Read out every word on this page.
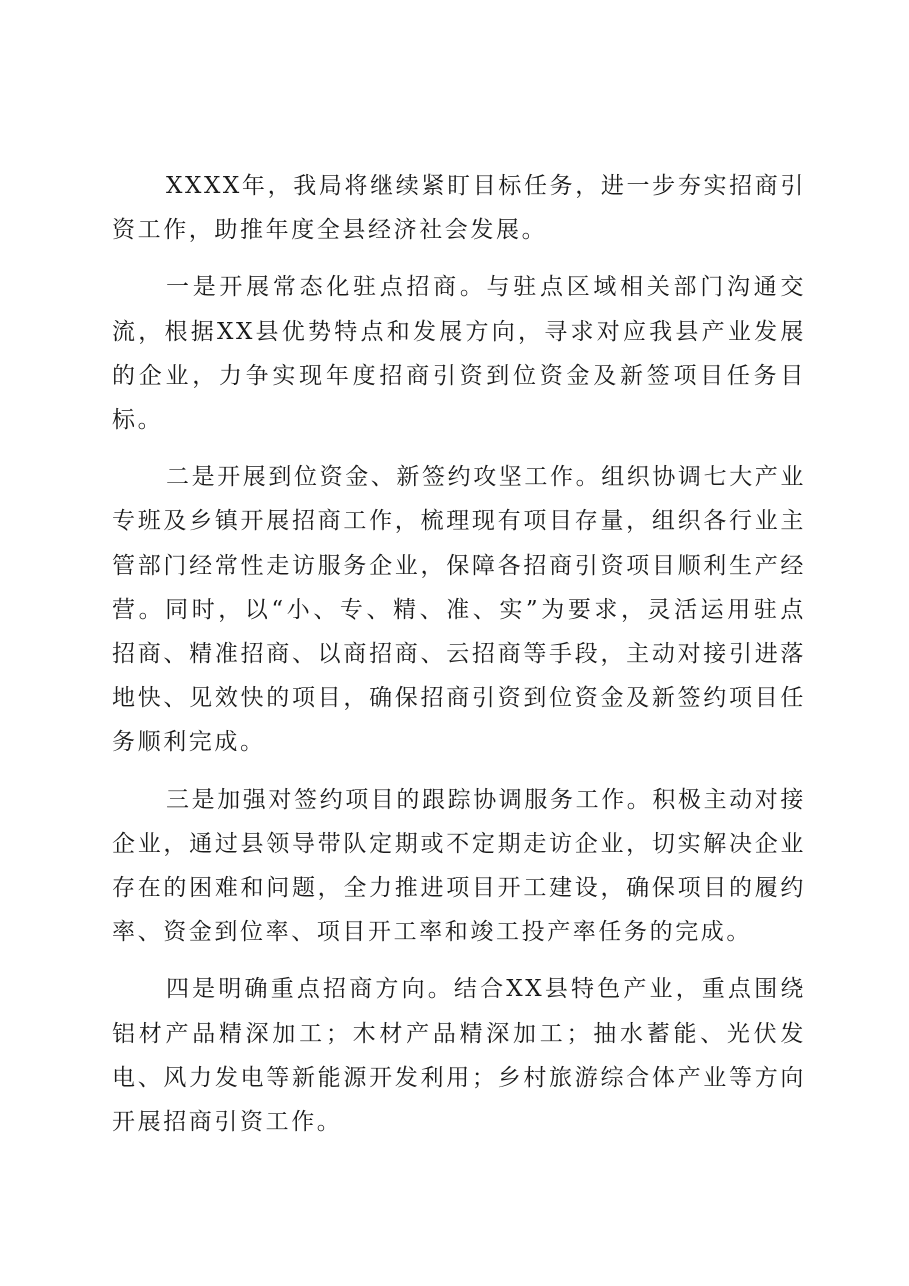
XXXX年，我局将继续紧盯目标任务，进一步夯实招商引资工作，助推年度全县经济社会发展。

一是开展常态化驻点招商。与驻点区域相关部门沟通交流，根据XX县优势特点和发展方向，寻求对应我县产业发展的企业，力争实现年度招商引资到位资金及新签项目任务目标。

二是开展到位资金、新签约攻坚工作。组织协调七大产业专班及乡镇开展招商工作，梳理现有项目存量，组织各行业主管部门经常性走访服务企业，保障各招商引资项目顺利生产经营。同时，以“小、专、精、准、实”为要求，灵活运用驻点招商、精准招商、以商招商、云招商等手段，主动对接引进落地快、见效快的项目，确保招商引资到位资金及新签约项目任务顺利完成。

三是加强对签约项目的跟踪协调服务工作。积极主动对接企业，通过县领导带队定期或不定期走访企业，切实解决企业存在的困难和问题，全力推进项目开工建设，确保项目的履约率、资金到位率、项目开工率和竣工投产率任务的完成。

四是明确重点招商方向。结合XX县特色产业，重点围绕铝材产品精深加工；木材产品精深加工；抽水蓄能、光伏发电、风力发电等新能源开发利用；乡村旅游综合体产业等方向开展招商引资工作。
